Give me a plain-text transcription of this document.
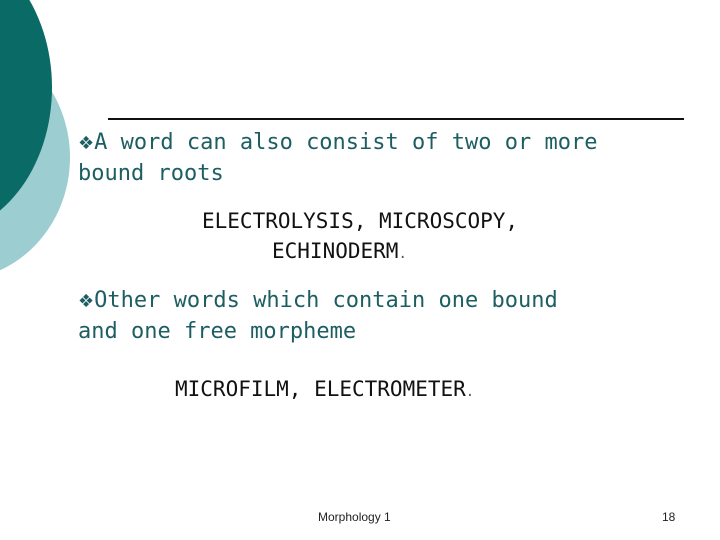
❖A word can also consist of two or more
bound roots
ELECTROLYSIS, MICROSCOPY,
ECHINODERM.
❖Other words which contain one bound
and one free morpheme
MICROFILM, ELECTROMETER.
Morphology 1	18
